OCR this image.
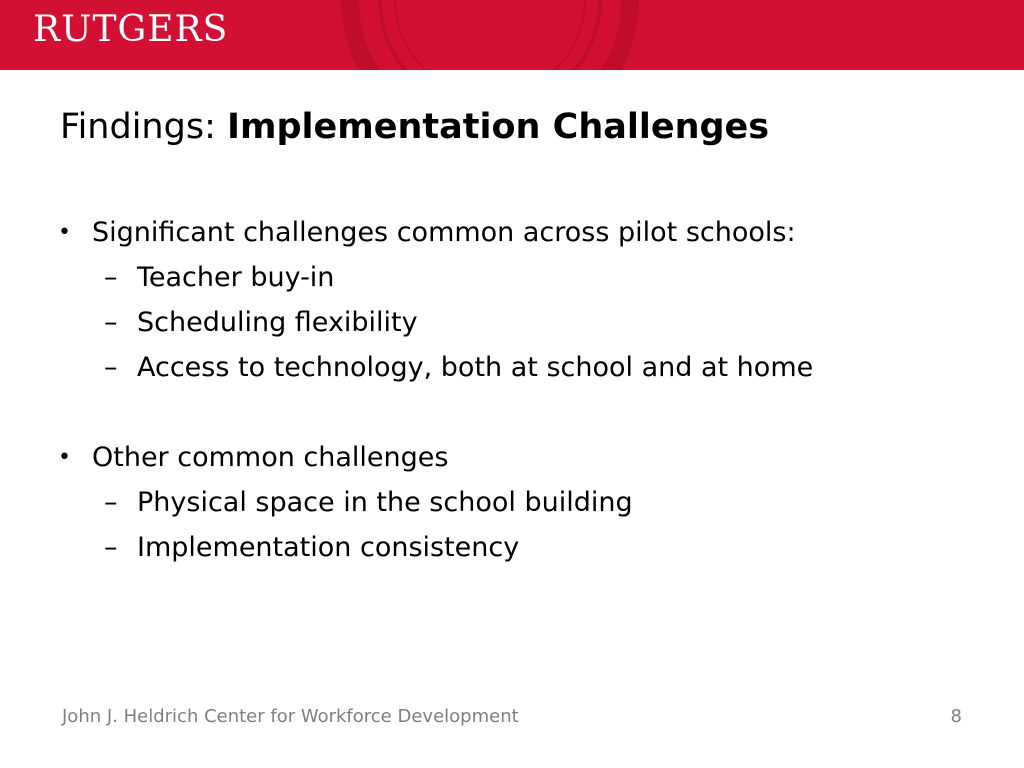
RUTGERS
Findings: Implementation Challenges
• Significant challenges common across pilot schools:
– Teacher buy-in
– Scheduling flexibility
– Access to technology, both at school and at home
• Other common challenges
– Physical space in the school building
– Implementation consistency
John J. Heldrich Center for Workforce Development	8
